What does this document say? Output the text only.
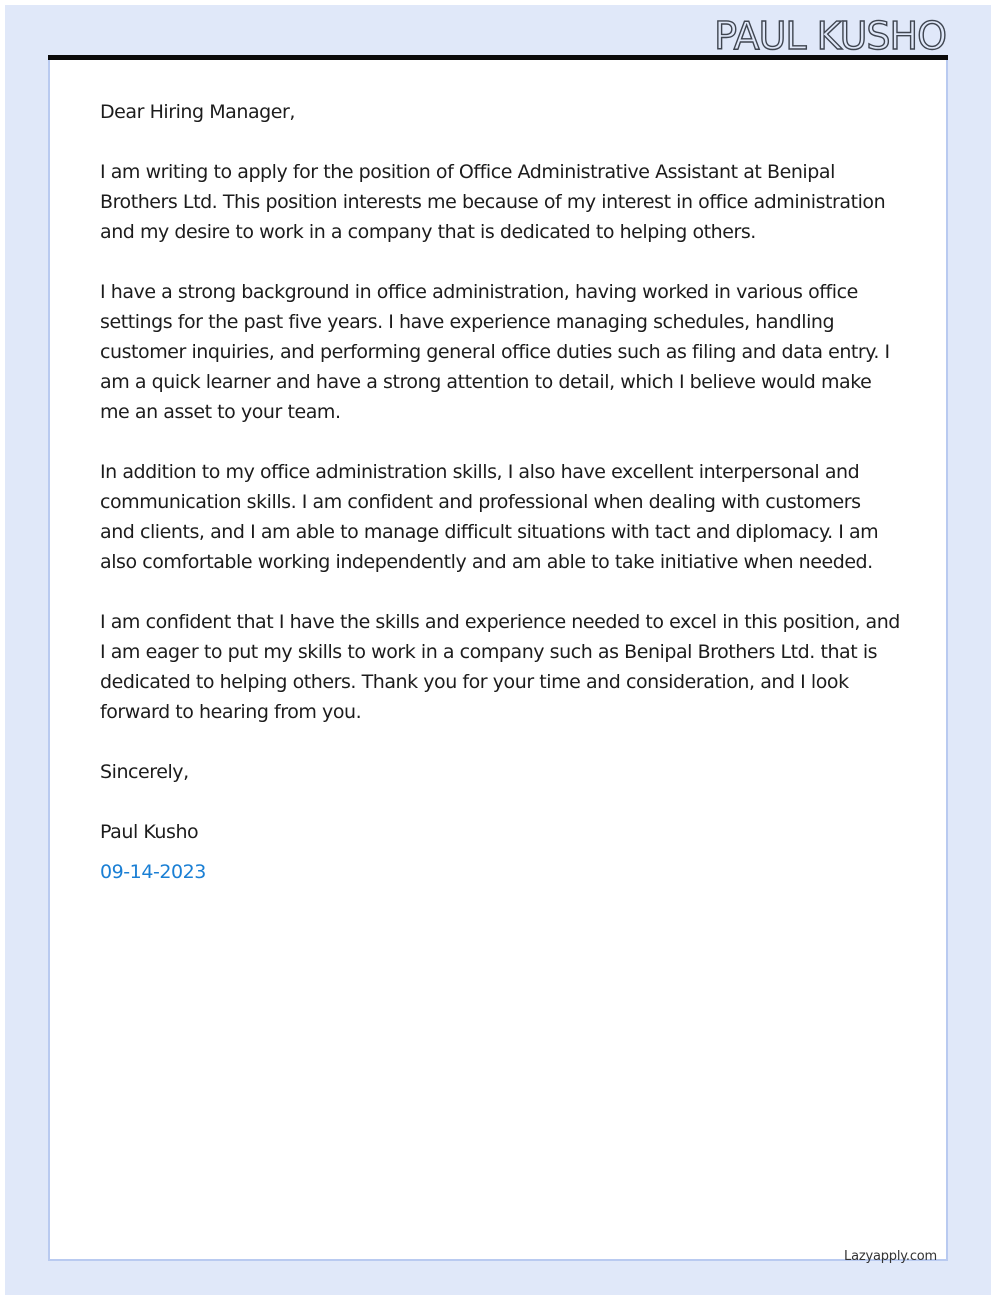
PAUL KUSHO

Dear Hiring Manager,

I am writing to apply for the position of Office Administrative Assistant at Benipal Brothers Ltd. This position interests me because of my interest in office administration and my desire to work in a company that is dedicated to helping others.

I have a strong background in office administration, having worked in various office settings for the past five years. I have experience managing schedules, handling customer inquiries, and performing general office duties such as filing and data entry. I am a quick learner and have a strong attention to detail, which I believe would make me an asset to your team.

In addition to my office administration skills, I also have excellent interpersonal and communication skills. I am confident and professional when dealing with customers and clients, and I am able to manage difficult situations with tact and diplomacy. I am also comfortable working independently and am able to take initiative when needed.

I am confident that I have the skills and experience needed to excel in this position, and I am eager to put my skills to work in a company such as Benipal Brothers Ltd. that is dedicated to helping others. Thank you for your time and consideration, and I look forward to hearing from you.

Sincerely,

Paul Kusho

09-14-2023

Lazyapply.com
